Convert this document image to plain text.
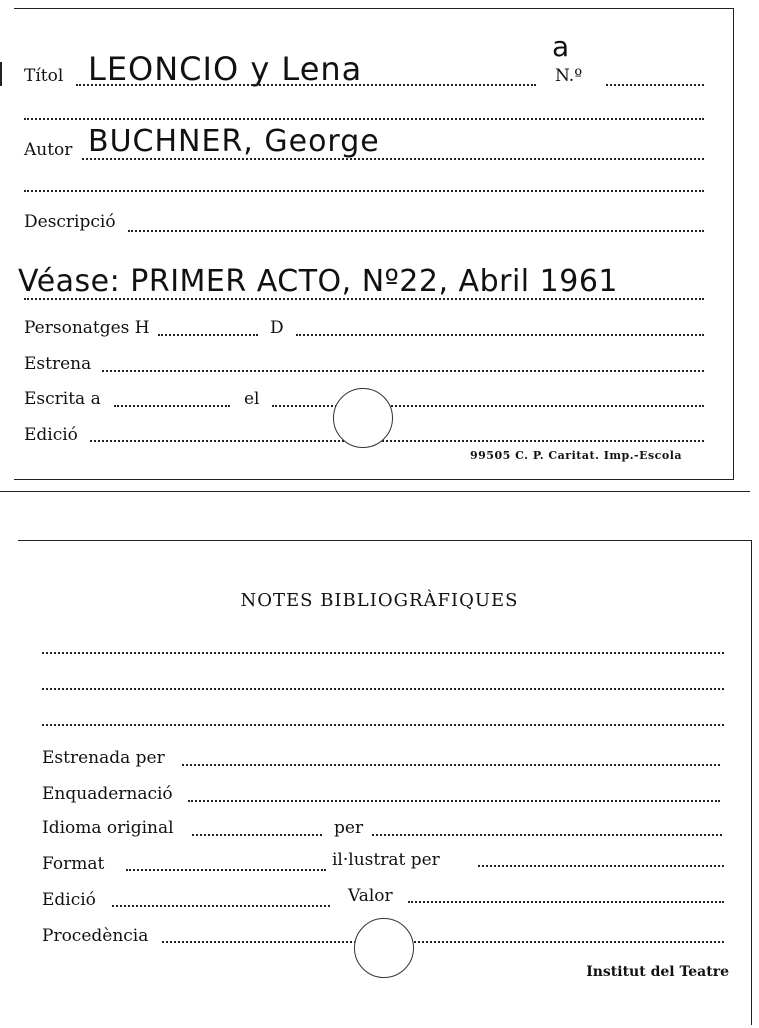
Títol LEONCIO y Lena
a
N.º
Autor BUCHNER, George
Descripció
Véase: PRIMER ACTO, Nº22, Abril 1961
Personatges H	D
Estrena
Escrita a	el
Edició
99505 C. P. Caritat. Imp.-Escola
NOTES BIBLIOGRÀFIQUES
Estrenada per
Enquadernació
Idioma original	per
Format	il·lustrat per
Edició	Valor
Procedència
Institut del Teatre
